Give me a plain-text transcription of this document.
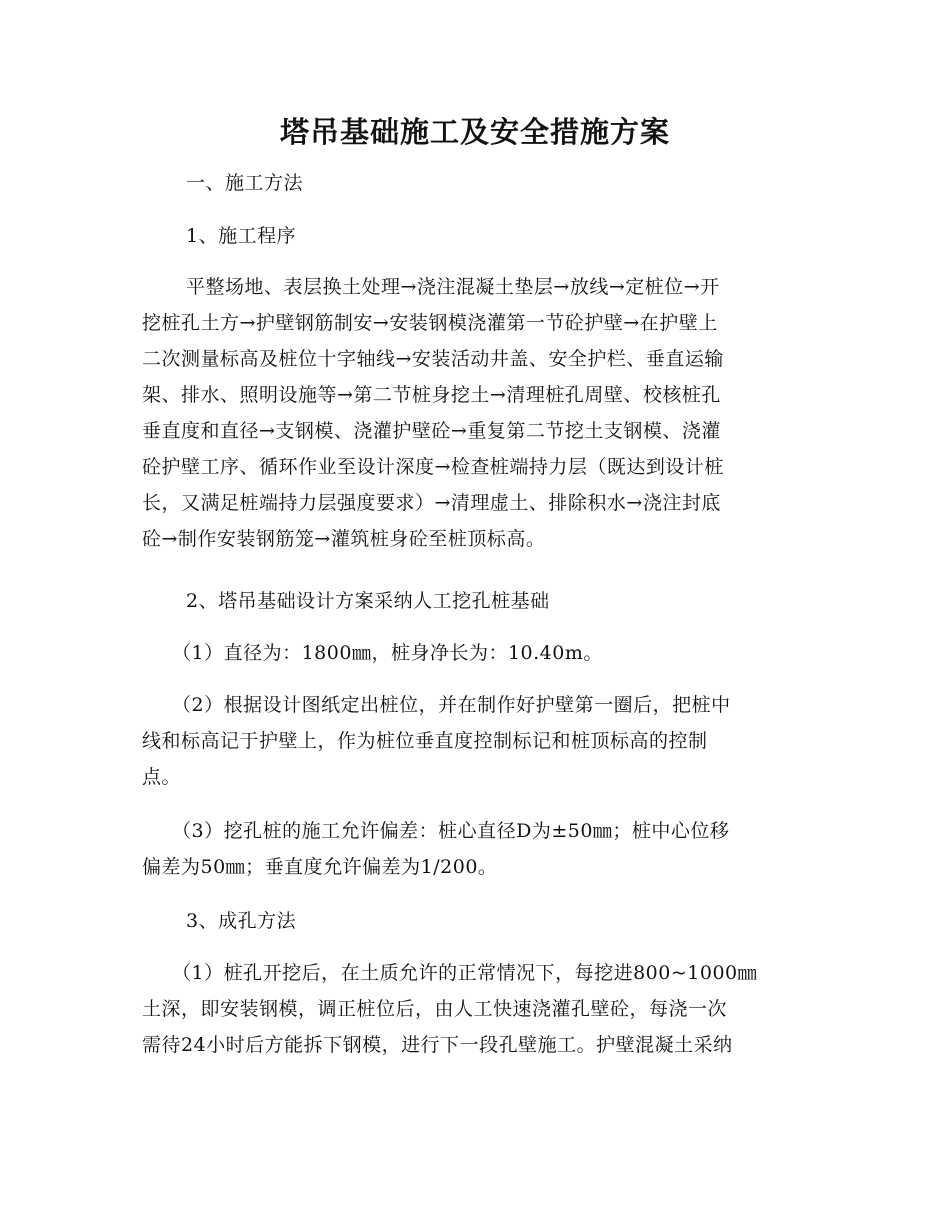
塔吊基础施工及安全措施方案
一、施工方法
1、施工程序
平整场地、表层换土处理→浇注混凝土垫层→放线→定桩位→开
挖桩孔土方→护壁钢筋制安→安装钢模浇灌第一节砼护壁→在护壁上
二次测量标高及桩位十字轴线→安装活动井盖、安全护栏、垂直运输
架、排水、照明设施等→第二节桩身挖土→清理桩孔周壁、校核桩孔
垂直度和直径→支钢模、浇灌护壁砼→重复第二节挖土支钢模、浇灌
砼护壁工序、循环作业至设计深度→检查桩端持力层（既达到设计桩
长，又满足桩端持力层强度要求）→清理虚土、排除积水→浇注封底
砼→制作安装钢筋笼→灌筑桩身砼至桩顶标高。
2、塔吊基础设计方案采纳人工挖孔桩基础
（1）直径为：1800㎜，桩身净长为：10.40m。
（2）根据设计图纸定出桩位，并在制作好护壁第一圈后，把桩中
线和标高记于护壁上，作为桩位垂直度控制标记和桩顶标高的控制
点。
（3）挖孔桩的施工允许偏差：桩心直径D为±50㎜；桩中心位移
偏差为50㎜；垂直度允许偏差为1/200。
3、成孔方法
（1）桩孔开挖后，在土质允许的正常情况下，每挖进800~1000㎜
土深，即安装钢模，调正桩位后，由人工快速浇灌孔壁砼，每浇一次
需待24小时后方能拆下钢模，进行下一段孔壁施工。护壁混凝土采纳
